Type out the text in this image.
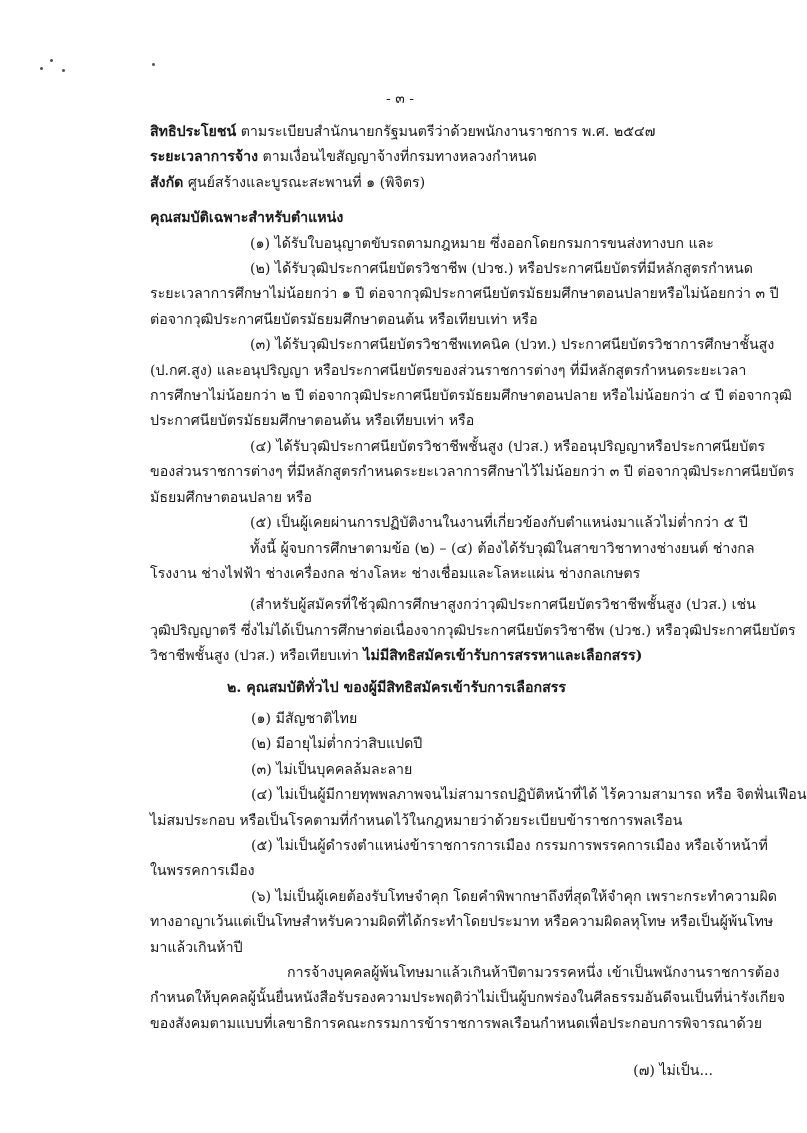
- ๓ -
สิทธิประโยชน์ ตามระเบียบสำนักนายกรัฐมนตรีว่าด้วยพนักงานราชการ พ.ศ. ๒๕๔๗
ระยะเวลาการจ้าง ตามเงื่อนไขสัญญาจ้างที่กรมทางหลวงกำหนด
สังกัด ศูนย์สร้างและบูรณะสะพานที่ ๑ (พิจิตร)
คุณสมบัติเฉพาะสำหรับตำแหน่ง
(๑) ได้รับใบอนุญาตขับรถตามกฎหมาย ซึ่งออกโดยกรมการขนส่งทางบก และ
(๒) ได้รับวุฒิประกาศนียบัตรวิชาชีพ (ปวช.) หรือประกาศนียบัตรที่มีหลักสูตรกำหนด
ระยะเวลาการศึกษาไม่น้อยกว่า ๑ ปี ต่อจากวุฒิประกาศนียบัตรมัธยมศึกษาตอนปลายหรือไม่น้อยกว่า ๓ ปี
ต่อจากวุฒิประกาศนียบัตรมัธยมศึกษาตอนต้น หรือเทียบเท่า หรือ
(๓) ได้รับวุฒิประกาศนียบัตรวิชาชีพเทคนิค (ปวท.) ประกาศนียบัตรวิชาการศึกษาชั้นสูง
(ป.กศ.สูง) และอนุปริญญา หรือประกาศนียบัตรของส่วนราชการต่างๆ ที่มีหลักสูตรกำหนดระยะเวลา
การศึกษาไม่น้อยกว่า ๒ ปี ต่อจากวุฒิประกาศนียบัตรมัธยมศึกษาตอนปลาย หรือไม่น้อยกว่า ๔ ปี ต่อจากวุฒิ
ประกาศนียบัตรมัธยมศึกษาตอนต้น หรือเทียบเท่า หรือ
(๔) ได้รับวุฒิประกาศนียบัตรวิชาชีพชั้นสูง (ปวส.) หรืออนุปริญญาหรือประกาศนียบัตร
ของส่วนราชการต่างๆ ที่มีหลักสูตรกำหนดระยะเวลาการศึกษาไว้ไม่น้อยกว่า ๓ ปี ต่อจากวุฒิประกาศนียบัตร
มัธยมศึกษาตอนปลาย หรือ
(๕) เป็นผู้เคยผ่านการปฏิบัติงานในงานที่เกี่ยวข้องกับตำแหน่งมาแล้วไม่ต่ำกว่า ๕ ปี
ทั้งนี้ ผู้จบการศึกษาตามข้อ (๒) – (๔) ต้องได้รับวุฒิในสาขาวิชาทางช่างยนต์ ช่างกล
โรงงาน ช่างไฟฟ้า ช่างเครื่องกล ช่างโลหะ ช่างเชื่อมและโลหะแผ่น ช่างกลเกษตร
(สำหรับผู้สมัครที่ใช้วุฒิการศึกษาสูงกว่าวุฒิประกาศนียบัตรวิชาชีพชั้นสูง (ปวส.) เช่น
วุฒิปริญญาตรี ซึ่งไม่ได้เป็นการศึกษาต่อเนื่องจากวุฒิประกาศนียบัตรวิชาชีพ (ปวช.) หรือวุฒิประกาศนียบัตร
วิชาชีพชั้นสูง (ปวส.) หรือเทียบเท่า ไม่มีสิทธิสมัครเข้ารับการสรรหาและเลือกสรร)
๒. คุณสมบัติทั่วไป ของผู้มีสิทธิสมัครเข้ารับการเลือกสรร
(๑) มีสัญชาติไทย
(๒) มีอายุไม่ต่ำกว่าสิบแปดปี
(๓) ไม่เป็นบุคคลล้มละลาย
(๔) ไม่เป็นผู้มีกายทุพพลภาพจนไม่สามารถปฏิบัติหน้าที่ได้ ไร้ความสามารถ หรือ จิตฟั่นเฟือน
ไม่สมประกอบ หรือเป็นโรคตามที่กำหนดไว้ในกฎหมายว่าด้วยระเบียบข้าราชการพลเรือน
(๕) ไม่เป็นผู้ดำรงตำแหน่งข้าราชการการเมือง กรรมการพรรคการเมือง หรือเจ้าหน้าที่
ในพรรคการเมือง
(๖) ไม่เป็นผู้เคยต้องรับโทษจำคุก โดยคำพิพากษาถึงที่สุดให้จำคุก เพราะกระทำความผิด
ทางอาญาเว้นแต่เป็นโทษสำหรับความผิดที่ได้กระทำโดยประมาท หรือความผิดลหุโทษ หรือเป็นผู้พ้นโทษ
มาแล้วเกินห้าปี
การจ้างบุคคลผู้พ้นโทษมาแล้วเกินห้าปีตามวรรคหนึ่ง เข้าเป็นพนักงานราชการต้อง
กำหนดให้บุคคลผู้นั้นยื่นหนังสือรับรองความประพฤติว่าไม่เป็นผู้บกพร่องในศีลธรรมอันดีจนเป็นที่น่ารังเกียจ
ของสังคมตามแบบที่เลขาธิการคณะกรรมการข้าราชการพลเรือนกำหนดเพื่อประกอบการพิจารณาด้วย
(๗) ไม่เป็น...
